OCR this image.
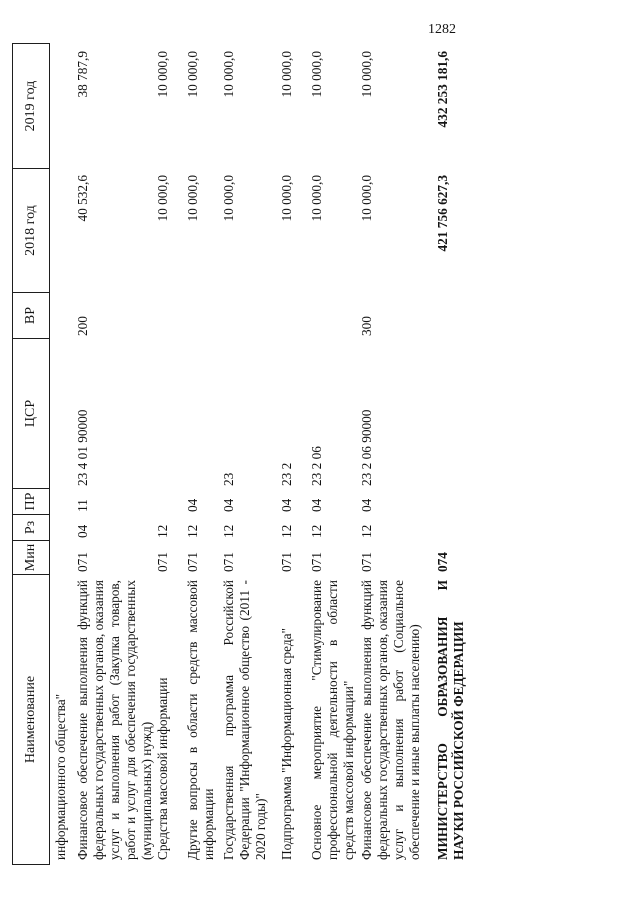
1282
Наименование
Мин
Рз
ПР
ЦСР
ВР
2018 год
2019 год
информационного общества" Финансовое обеспечение выполнения функций федеральных государственных органов, оказания услуг и выполнения работ (Закупка товаров, работ и услуг для обеспечения государственных (муниципальных) нужд)
071
04
11
23 4 01 90000
200
40 532,6
38 787,9
Средства массовой информации
071
12
10 000,0
10 000,0
Другие вопросы в области средств массовой информации
071
12
04
10 000,0
10 000,0
Государственная программа Российской Федерации "Информационное общество (2011 - 2020 годы)"
071
12
04
23
10 000,0
10 000,0
Подпрограмма "Информационная среда"
071
12
04
23 2
10 000,0
10 000,0
Основное мероприятие "Стимулирование профессиональной деятельности в области средств массовой информации"
071
12
04
23 2 06
10 000,0
10 000,0
Финансовое обеспечение выполнения функций федеральных государственных органов, оказания услуг и выполнения работ (Социальное обеспечение и иные выплаты населению)
071
12
04
23 2 06 90000
300
10 000,0
10 000,0
МИНИСТЕРСТВО ОБРАЗОВАНИЯ И НАУКИ РОССИЙСКОЙ ФЕДЕРАЦИИ
074
421 756 627,3
432 253 181,6
